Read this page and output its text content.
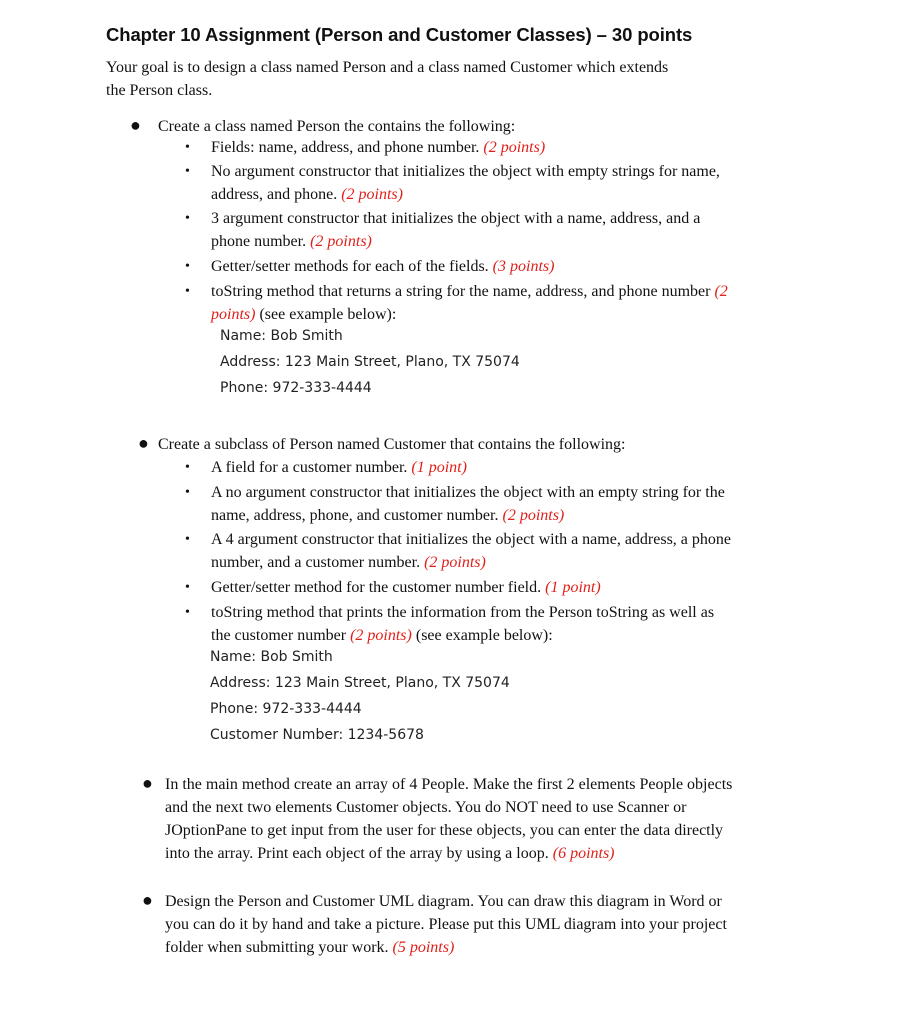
Chapter 10 Assignment (Person and Customer Classes) – 30 points
Your goal is to design a class named Person and a class named Customer which extends
the Person class.
● Create a class named Person the contains the following:
• Fields: name, address, and phone number. (2 points)
• No argument constructor that initializes the object with empty strings for name,
address, and phone. (2 points)
• 3 argument constructor that initializes the object with a name, address, and a
phone number. (2 points)
• Getter/setter methods for each of the fields. (3 points)
• toString method that returns a string for the name, address, and phone number (2
points) (see example below):
Name: Bob Smith
Address: 123 Main Street, Plano, TX 75074
Phone: 972-333-4444
● Create a subclass of Person named Customer that contains the following:
• A field for a customer number. (1 point)
• A no argument constructor that initializes the object with an empty string for the
name, address, phone, and customer number. (2 points)
• A 4 argument constructor that initializes the object with a name, address, a phone
number, and a customer number. (2 points)
• Getter/setter method for the customer number field. (1 point)
• toString method that prints the information from the Person toString as well as
the customer number (2 points) (see example below):
Name: Bob Smith
Address: 123 Main Street, Plano, TX 75074
Phone: 972-333-4444
Customer Number: 1234-5678
● In the main method create an array of 4 People. Make the first 2 elements People objects
and the next two elements Customer objects. You do NOT need to use Scanner or
JOptionPane to get input from the user for these objects, you can enter the data directly
into the array. Print each object of the array by using a loop. (6 points)
● Design the Person and Customer UML diagram. You can draw this diagram in Word or
you can do it by hand and take a picture. Please put this UML diagram into your project
folder when submitting your work. (5 points)
